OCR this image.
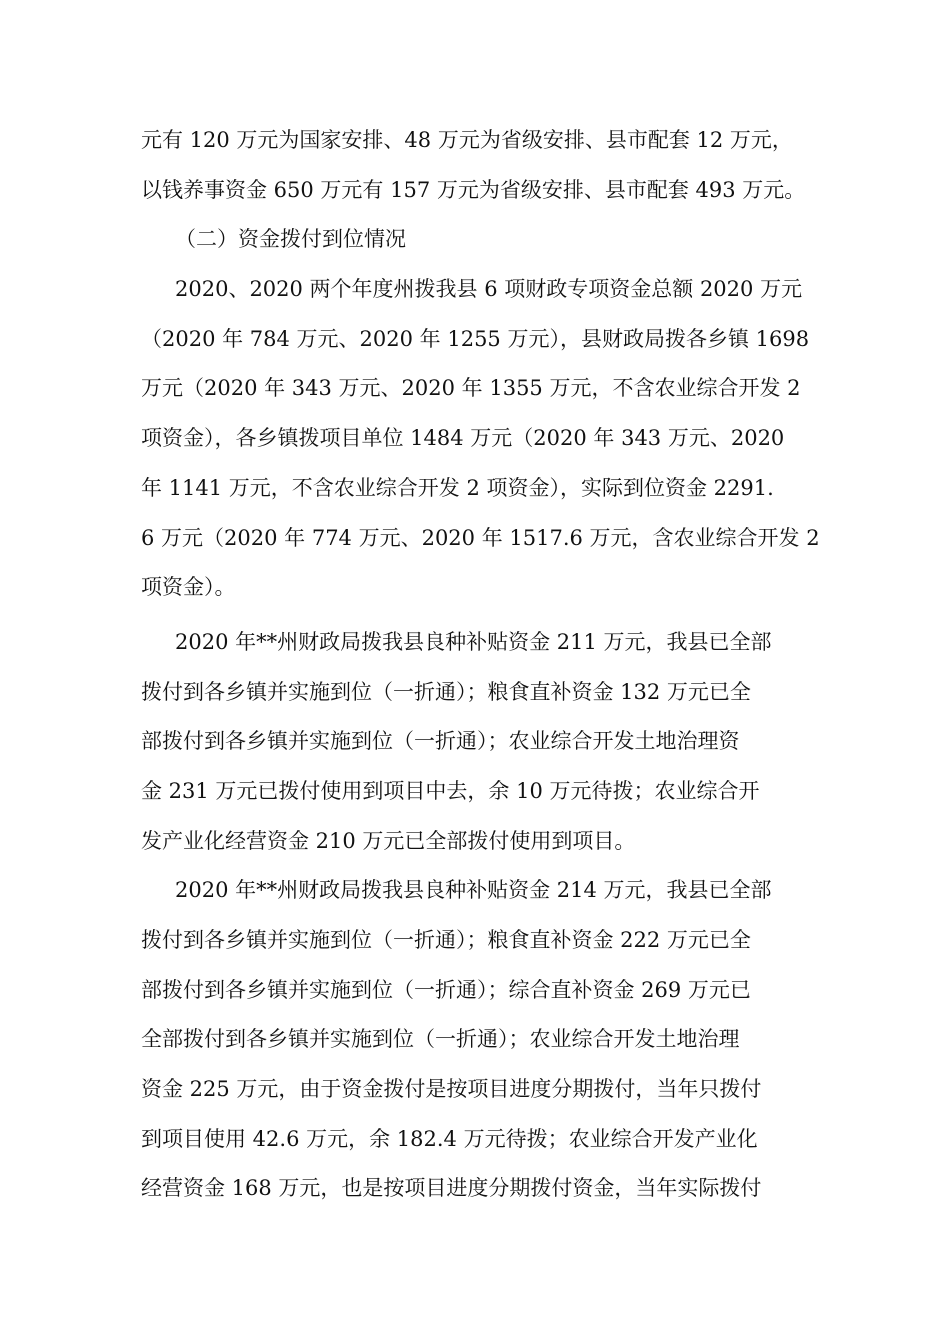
元有 120 万元为国家安排、48 万元为省级安排、县市配套 12 万元，
以钱养事资金 650 万元有 157 万元为省级安排、县市配套 493 万元。
（二）资金拨付到位情况
2020、2020 两个年度州拨我县 6 项财政专项资金总额 2020 万元
（2020 年 784 万元、2020 年 1255 万元），县财政局拨各乡镇 1698
万元（2020 年 343 万元、2020 年 1355 万元，不含农业综合开发 2
项资金），各乡镇拨项目单位 1484 万元（2020 年 343 万元、2020
年 1141 万元，不含农业综合开发 2 项资金），实际到位资金 2291.
6 万元（2020 年 774 万元、2020 年 1517.6 万元，含农业综合开发 2
项资金）。
2020 年**州财政局拨我县良种补贴资金 211 万元，我县已全部
拨付到各乡镇并实施到位（一折通）；粮食直补资金 132 万元已全
部拨付到各乡镇并实施到位（一折通）；农业综合开发土地治理资
金 231 万元已拨付使用到项目中去，余 10 万元待拨；农业综合开
发产业化经营资金 210 万元已全部拨付使用到项目。
2020 年**州财政局拨我县良种补贴资金 214 万元，我县已全部
拨付到各乡镇并实施到位（一折通）；粮食直补资金 222 万元已全
部拨付到各乡镇并实施到位（一折通）；综合直补资金 269 万元已
全部拨付到各乡镇并实施到位（一折通）；农业综合开发土地治理
资金 225 万元，由于资金拨付是按项目进度分期拨付，当年只拨付
到项目使用 42.6 万元，余 182.4 万元待拨；农业综合开发产业化
经营资金 168 万元，也是按项目进度分期拨付资金，当年实际拨付
